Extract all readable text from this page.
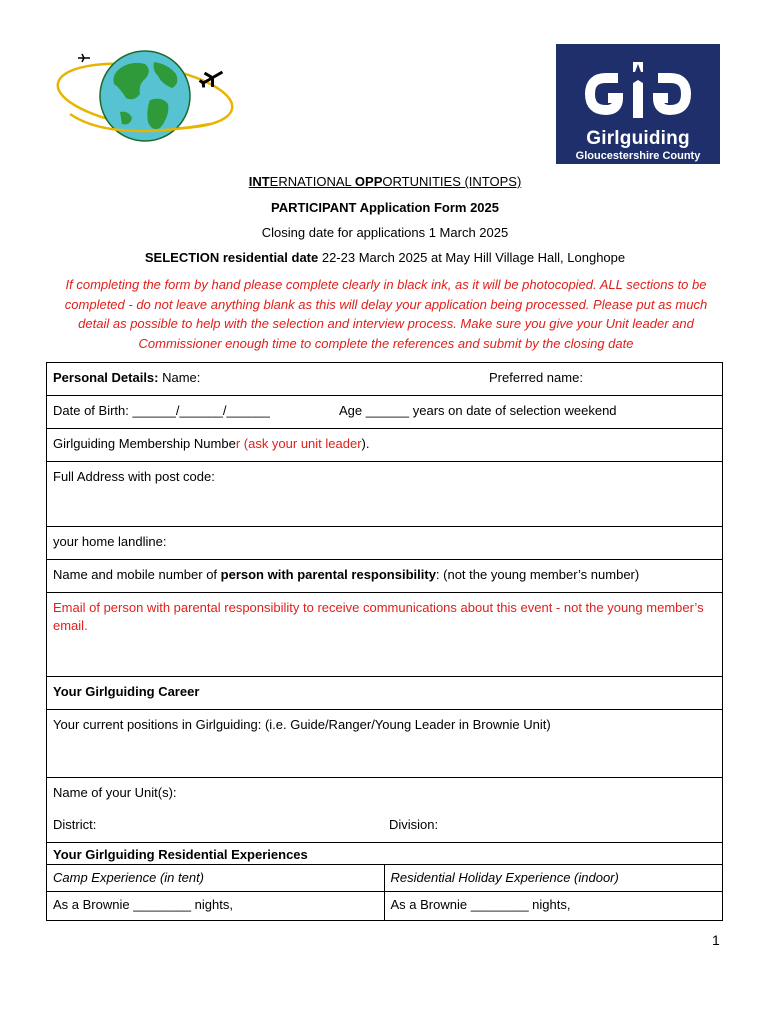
Girlguiding
Gloucestershire County
INTERNATIONAL OPPORTUNITIES (INTOPS)
PARTICIPANT Application Form 2025
Closing date for applications 1 March 2025
SELECTION residential date 22-23 March 2025 at May Hill Village Hall, Longhope
If completing the form by hand please complete clearly in black ink, as it will be photocopied. ALL sections to be completed - do not leave anything blank as this will delay your application being processed. Please put as much detail as possible to help with the selection and interview process. Make sure you give your Unit leader and Commissioner enough time to complete the references and submit by the closing date
Personal Details: Name:	Preferred name:
Date of Birth: ______/______/______	Age ______ years on date of selection weekend
Girlguiding Membership Number (ask your unit leader).
Full Address with post code:
your home landline:
Name and mobile number of person with parental responsibility: (not the young member’s number)
Email of person with parental responsibility to receive communications about this event - not the young member’s email.
Your Girlguiding Career
Your current positions in Girlguiding: (i.e. Guide/Ranger/Young Leader in Brownie Unit)
Name of your Unit(s):
District:	Division:
Your Girlguiding Residential Experiences
Camp Experience (in tent)	Residential Holiday Experience (indoor)
As a Brownie ________ nights,	As a Brownie ________ nights,
1
